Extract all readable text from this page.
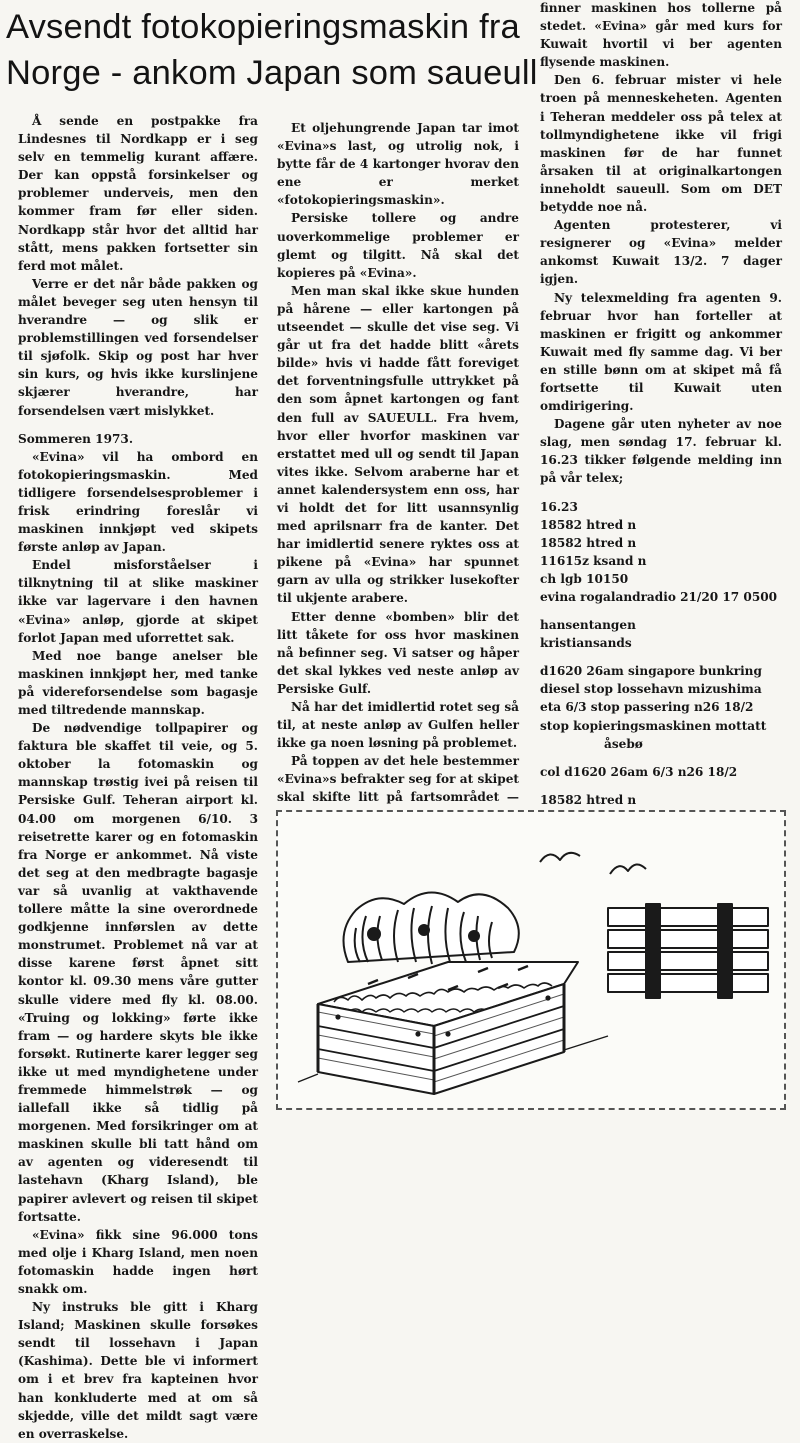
Avsendt fotokopieringsmaskin fra
Norge - ankom Japan som saueull

Å sende en postpakke fra Lindesnes til Nordkapp er i seg selv en temmelig kurant affære. Der kan oppstå forsinkelser og problemer underveis, men den kommer fram før eller siden. Nordkapp står hvor det alltid har stått, mens pakken fortsetter sin ferd mot målet.

Verre er det når både pakken og målet beveger seg uten hensyn til hverandre — og slik er problemstillingen ved forsendelser til sjøfolk. Skip og post har hver sin kurs, og hvis ikke kurslinjene skjærer hverandre, har forsendelsen vært mislykket.

Sommeren 1973.

«Evina» vil ha ombord en fotokopieringsmaskin. Med tidligere forsendelsesproblemer i frisk erindring foreslår vi maskinen innkjøpt ved skipets første anløp av Japan.

Endel misforståelser i tilknytning til at slike maskiner ikke var lagervare i den havnen «Evina» anløp, gjorde at skipet forlot Japan med uforrettet sak.

Med noe bange anelser ble maskinen innkjøpt her, med tanke på videreforsendelse som bagasje med tiltredende mannskap.

De nødvendige tollpapirer og faktura ble skaffet til veie, og 5. oktober la fotomaskin og mannskap trøstig ivei på reisen til Persiske Gulf. Teheran airport kl. 04.00 om morgenen 6/10. 3 reisetrette karer og en fotomaskin fra Norge er ankommet. Nå viste det seg at den medbragte bagasje var så uvanlig at vakthavende tollere måtte la sine overordnede godkjenne innførslen av dette monstrumet. Problemet nå var at disse karene først åpnet sitt kontor kl. 09.30 mens våre gutter skulle videre med fly kl. 08.00. «Truing og lokking» førte ikke fram — og hardere skyts ble ikke forsøkt. Rutinerte karer legger seg ikke ut med myndighetene under fremmede himmelstrøk — og iallefall ikke så tidlig på morgenen. Med forsikringer om at maskinen skulle bli tatt hånd om av agenten og videresendt til lastehavn (Kharg Island), ble papirer avlevert og reisen til skipet fortsatte.

«Evina» fikk sine 96.000 tons med olje i Kharg Island, men noen fotomaskin hadde ingen hørt snakk om.

Ny instruks ble gitt i Kharg Island; Maskinen skulle forsøkes sendt til lossehavn i Japan (Kashima). Dette ble vi informert om i et brev fra kapteinen hvor han konkluderte med at om så skjedde, ville det mildt sagt være en overraskelse.

Et oljehungrende Japan tar imot «Evina»s last, og utrolig nok, i bytte får de 4 kartonger hvorav den ene er merket «fotokopieringsmaskin».

Persiske tollere og andre uoverkommelige problemer er glemt og tilgitt. Nå skal det kopieres på «Evina».

Men man skal ikke skue hunden på hårene — eller kartongen på utseendet — skulle det vise seg. Vi går ut fra det hadde blitt «årets bilde» hvis vi hadde fått foreviget det forventningsfulle uttrykket på den som åpnet kartongen og fant den full av SAUEULL. Fra hvem, hvor eller hvorfor maskinen var erstattet med ull og sendt til Japan vites ikke. Selvom araberne har et annet kalendersystem enn oss, har vi holdt det for litt usannsynlig med aprilsnarr fra de kanter. Det har imidlertid senere ryktes oss at pikene på «Evina» har spunnet garn av ulla og strikker lusekofter til ukjente arabere.

Etter denne «bomben» blir det litt tåkete for oss hvor maskinen nå befinner seg. Vi satser og håper det skal lykkes ved neste anløp av Persiske Gulf.

Nå har det imidlertid rotet seg så til, at neste anløp av Gulfen heller ikke ga noen løsning på problemet.

På toppen av det hele bestemmer «Evina»s befrakter seg for at skipet skal skifte litt på fartsområdet —

finner maskinen hos tollerne på stedet. «Evina» går med kurs for Kuwait hvortil vi ber agenten flysende maskinen.

Den 6. februar mister vi hele troen på menneskeheten. Agenten i Teheran meddeler oss på telex at tollmyndighetene ikke vil frigi maskinen før de har funnet årsaken til at originalkartongen inneholdt saueull. Som om DET betydde noe nå.

Agenten protesterer, vi resignerer og «Evina» melder ankomst Kuwait 13/2. 7 dager igjen.

Ny telexmelding fra agenten 9. februar hvor han forteller at maskinen er frigitt og ankommer Kuwait med fly samme dag. Vi ber en stille bønn om at skipet må få fortsette til Kuwait uten omdirigering.

Dagene går uten nyheter av noe slag, men søndag 17. februar kl. 16.23 tikker følgende melding inn på vår telex;

16.23

18582 htred n

18582 htred n

11615z ksand n

ch lgb 10150

evina rogalandradio 21/20 17 0500

hansentangen

kristiansands

d1620 26am singapore bunkring diesel stop lossehavn mizushima eta 6/3 stop passering n26 18/2 stop kopieringsmaskinen mottatt

åsebø

col d1620 26am 6/3 n26 18/2

18582 htred n
